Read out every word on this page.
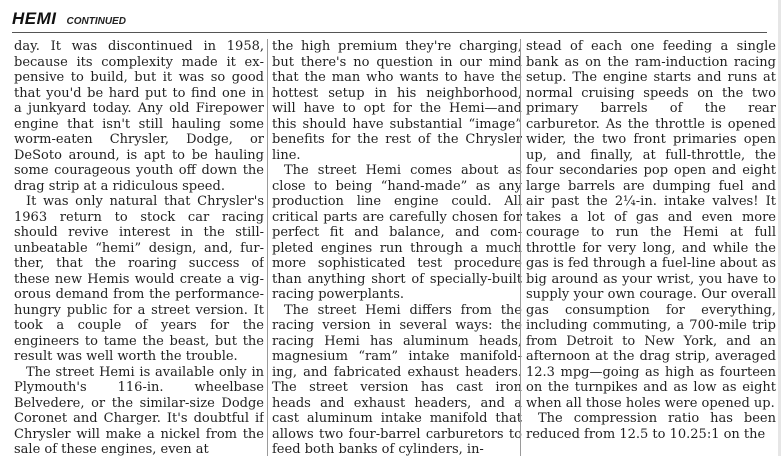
HEMI CONTINUED

day. It was discontinued in 1958, because its complexity made it expensive to build, but it was so good that you'd be hard put to find one in a junkyard today. Any old Firepower engine that isn't still hauling some worm-eaten Chrysler, Dodge, or DeSoto around, is apt to be hauling some courageous youth off down the drag strip at a ridiculous speed.

It was only natural that Chrysler's 1963 return to stock car racing should revive interest in the still-unbeatable “hemi” design, and, further, that the roaring success of these new Hemis would create a vigorous demand from the performance-hungry public for a street version. It took a couple of years for the engineers to tame the beast, but the result was well worth the trouble.

The street Hemi is available only in Plymouth's 116-in. wheelbase Belvedere, or the similar-size Dodge Coronet and Charger. It's doubtful if Chrysler will make a nickel from the sale of these engines, even at

the high premium they're charging, but there's no question in our mind that the man who wants to have the hottest setup in his neighborhood, will have to opt for the Hemi—and this should have substantial “image” benefits for the rest of the Chrysler line.

The street Hemi comes about as close to being “hand-made” as any production line engine could. All critical parts are carefully chosen for perfect fit and balance, and completed engines run through a much more sophisticated test procedure than anything short of specially-built racing powerplants.

The street Hemi differs from the racing version in several ways: the racing Hemi has aluminum heads, magnesium “ram” intake manifolding, and fabricated exhaust headers. The street version has cast iron heads and exhaust headers, and a cast aluminum intake manifold that allows two four-barrel carburetors to feed both banks of cylinders, in-

stead of each one feeding a single bank as on the ram-induction racing setup. The engine starts and runs at normal cruising speeds on the two primary barrels of the rear carburetor. As the throttle is opened wider, the two front primaries open up, and finally, at full-throttle, the four secondaries pop open and eight large barrels are dumping fuel and air past the 2¼-in. intake valves! It takes a lot of gas and even more courage to run the Hemi at full throttle for very long, and while the gas is fed through a fuel-line about as big around as your wrist, you have to supply your own courage. Our overall gas consumption for everything, including commuting, a 700-mile trip from Detroit to New York, and an afternoon at the drag strip, averaged 12.3 mpg—going as high as fourteen on the turnpikes and as low as eight when all those holes were opened up.

The compression ratio has been reduced from 12.5 to 10.25:1 on the
